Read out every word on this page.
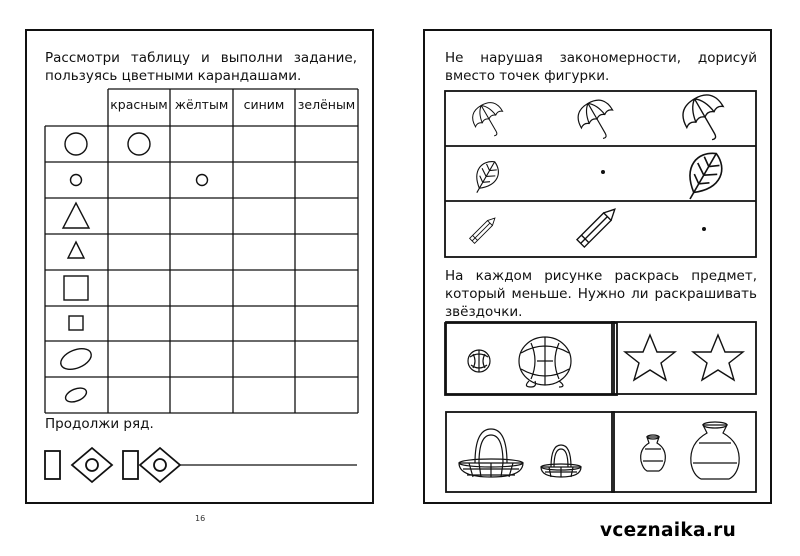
Рассмотри таблицу и выполни задание,
пользуясь цветными карандашами.
красным жёлтым	синим	зелёным
Продолжи ряд.
16
Не нарушая закономерности, дорисуй
вместо точек фигурки.
На каждом рисунке раскрась предмет,
который меньше. Нужно ли раскрашивать
звёздочки.
vceznaika.ru
